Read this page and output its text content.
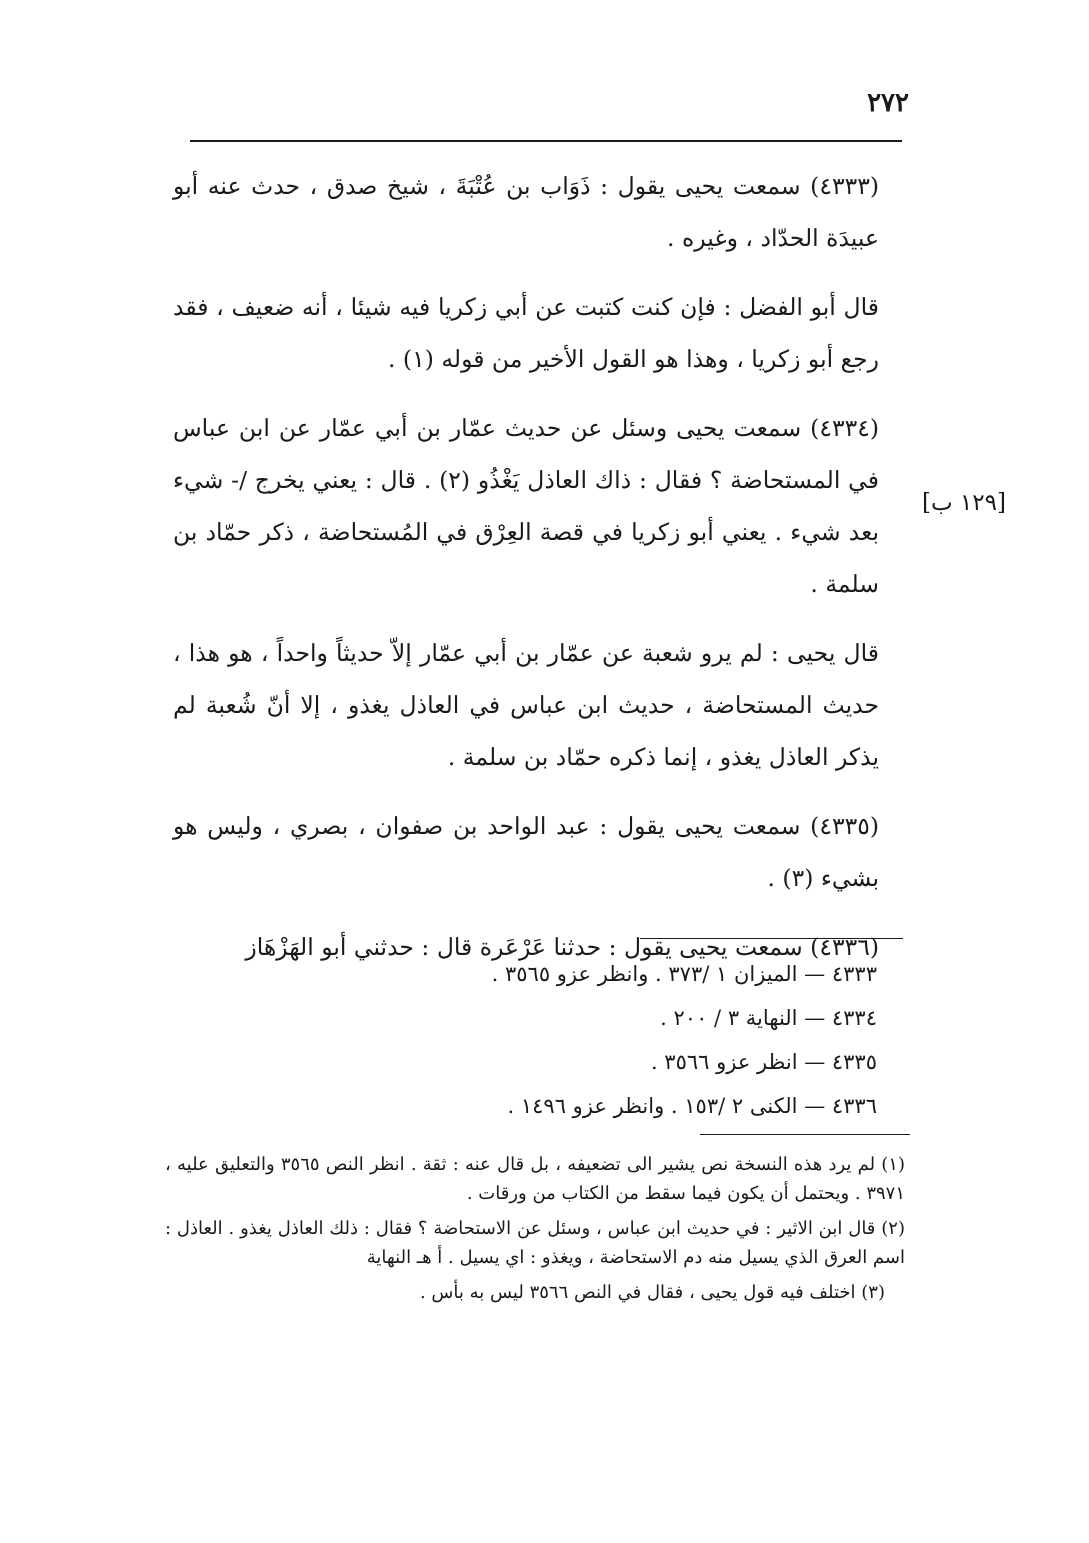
٢٧٢
[١٢٩ ب]

(٤٣٣٣) سمعت يحيى يقول : ذَوَاب بن عُتْبَةَ ، شيخ صدق ، حدث عنه أبو عبيدَة الحدّاد ، وغيره .

قال أبو الفضل : فإن كنت كتبت عن أبي زكريا فيه شيئا ، أنه ضعيف ، فقد رجع أبو زكريا ، وهذا هو القول الأخير من قوله (١) .

(٤٣٣٤) سمعت يحيى وسئل عن حديث عمّار بن أبي عمّار عن ابن عباس في المستحاضة ؟ فقال : ذاك العاذل يَغْذُو (٢) . قال : يعني يخرج /- شيء بعد شيء . يعني أبو زكريا في قصة العِرْق في المُستحاضة ، ذكر حمّاد بن سلمة .

قال يحيى : لم يرو شعبة عن عمّار بن أبي عمّار إلاّ حديثاً واحداً ، هو هذا ، حديث المستحاضة ، حديث ابن عباس في العاذل يغذو ، إلا أنّ شُعبة لم يذكر العاذل يغذو ، إنما ذكره حمّاد بن سلمة .

(٤٣٣٥) سمعت يحيى يقول : عبد الواحد بن صفوان ، بصري ، وليس هو بشيء (٣) .

(٤٣٣٦) سمعت يحيى يقول : حدثنا عَرْعَرة قال : حدثني أبو الهَزْهَاز

٤٣٣٣ — الميزان ١ /٣٧٣ . وانظر عزو ٣٥٦٥ .
٤٣٣٤ — النهاية ٣ / ٢٠٠ .
٤٣٣٥ — انظر عزو ٣٥٦٦ .
٤٣٣٦ — الكنى ٢ /١٥٣ . وانظر عزو ١٤٩٦ .

(١) لم يرد هذه النسخة نص يشير الى تضعيفه ، بل قال عنه : ثقة . انظر النص ٣٥٦٥ والتعليق عليه ، ٣٩٧١ . ويحتمل أن يكون فيما سقط من الكتاب من ورقات .

(٢) قال ابن الاثير : في حديث ابن عباس ، وسئل عن الاستحاضة ؟ فقال : ذلك العاذل يغذو . العاذل : اسم العرق الذي يسيل منه دم الاستحاضة ، ويغذو : اي يسيل . أ هـ النهاية

(٣) اختلف فيه قول يحيى ، فقال في النص ٣٥٦٦ ليس به بأس .
